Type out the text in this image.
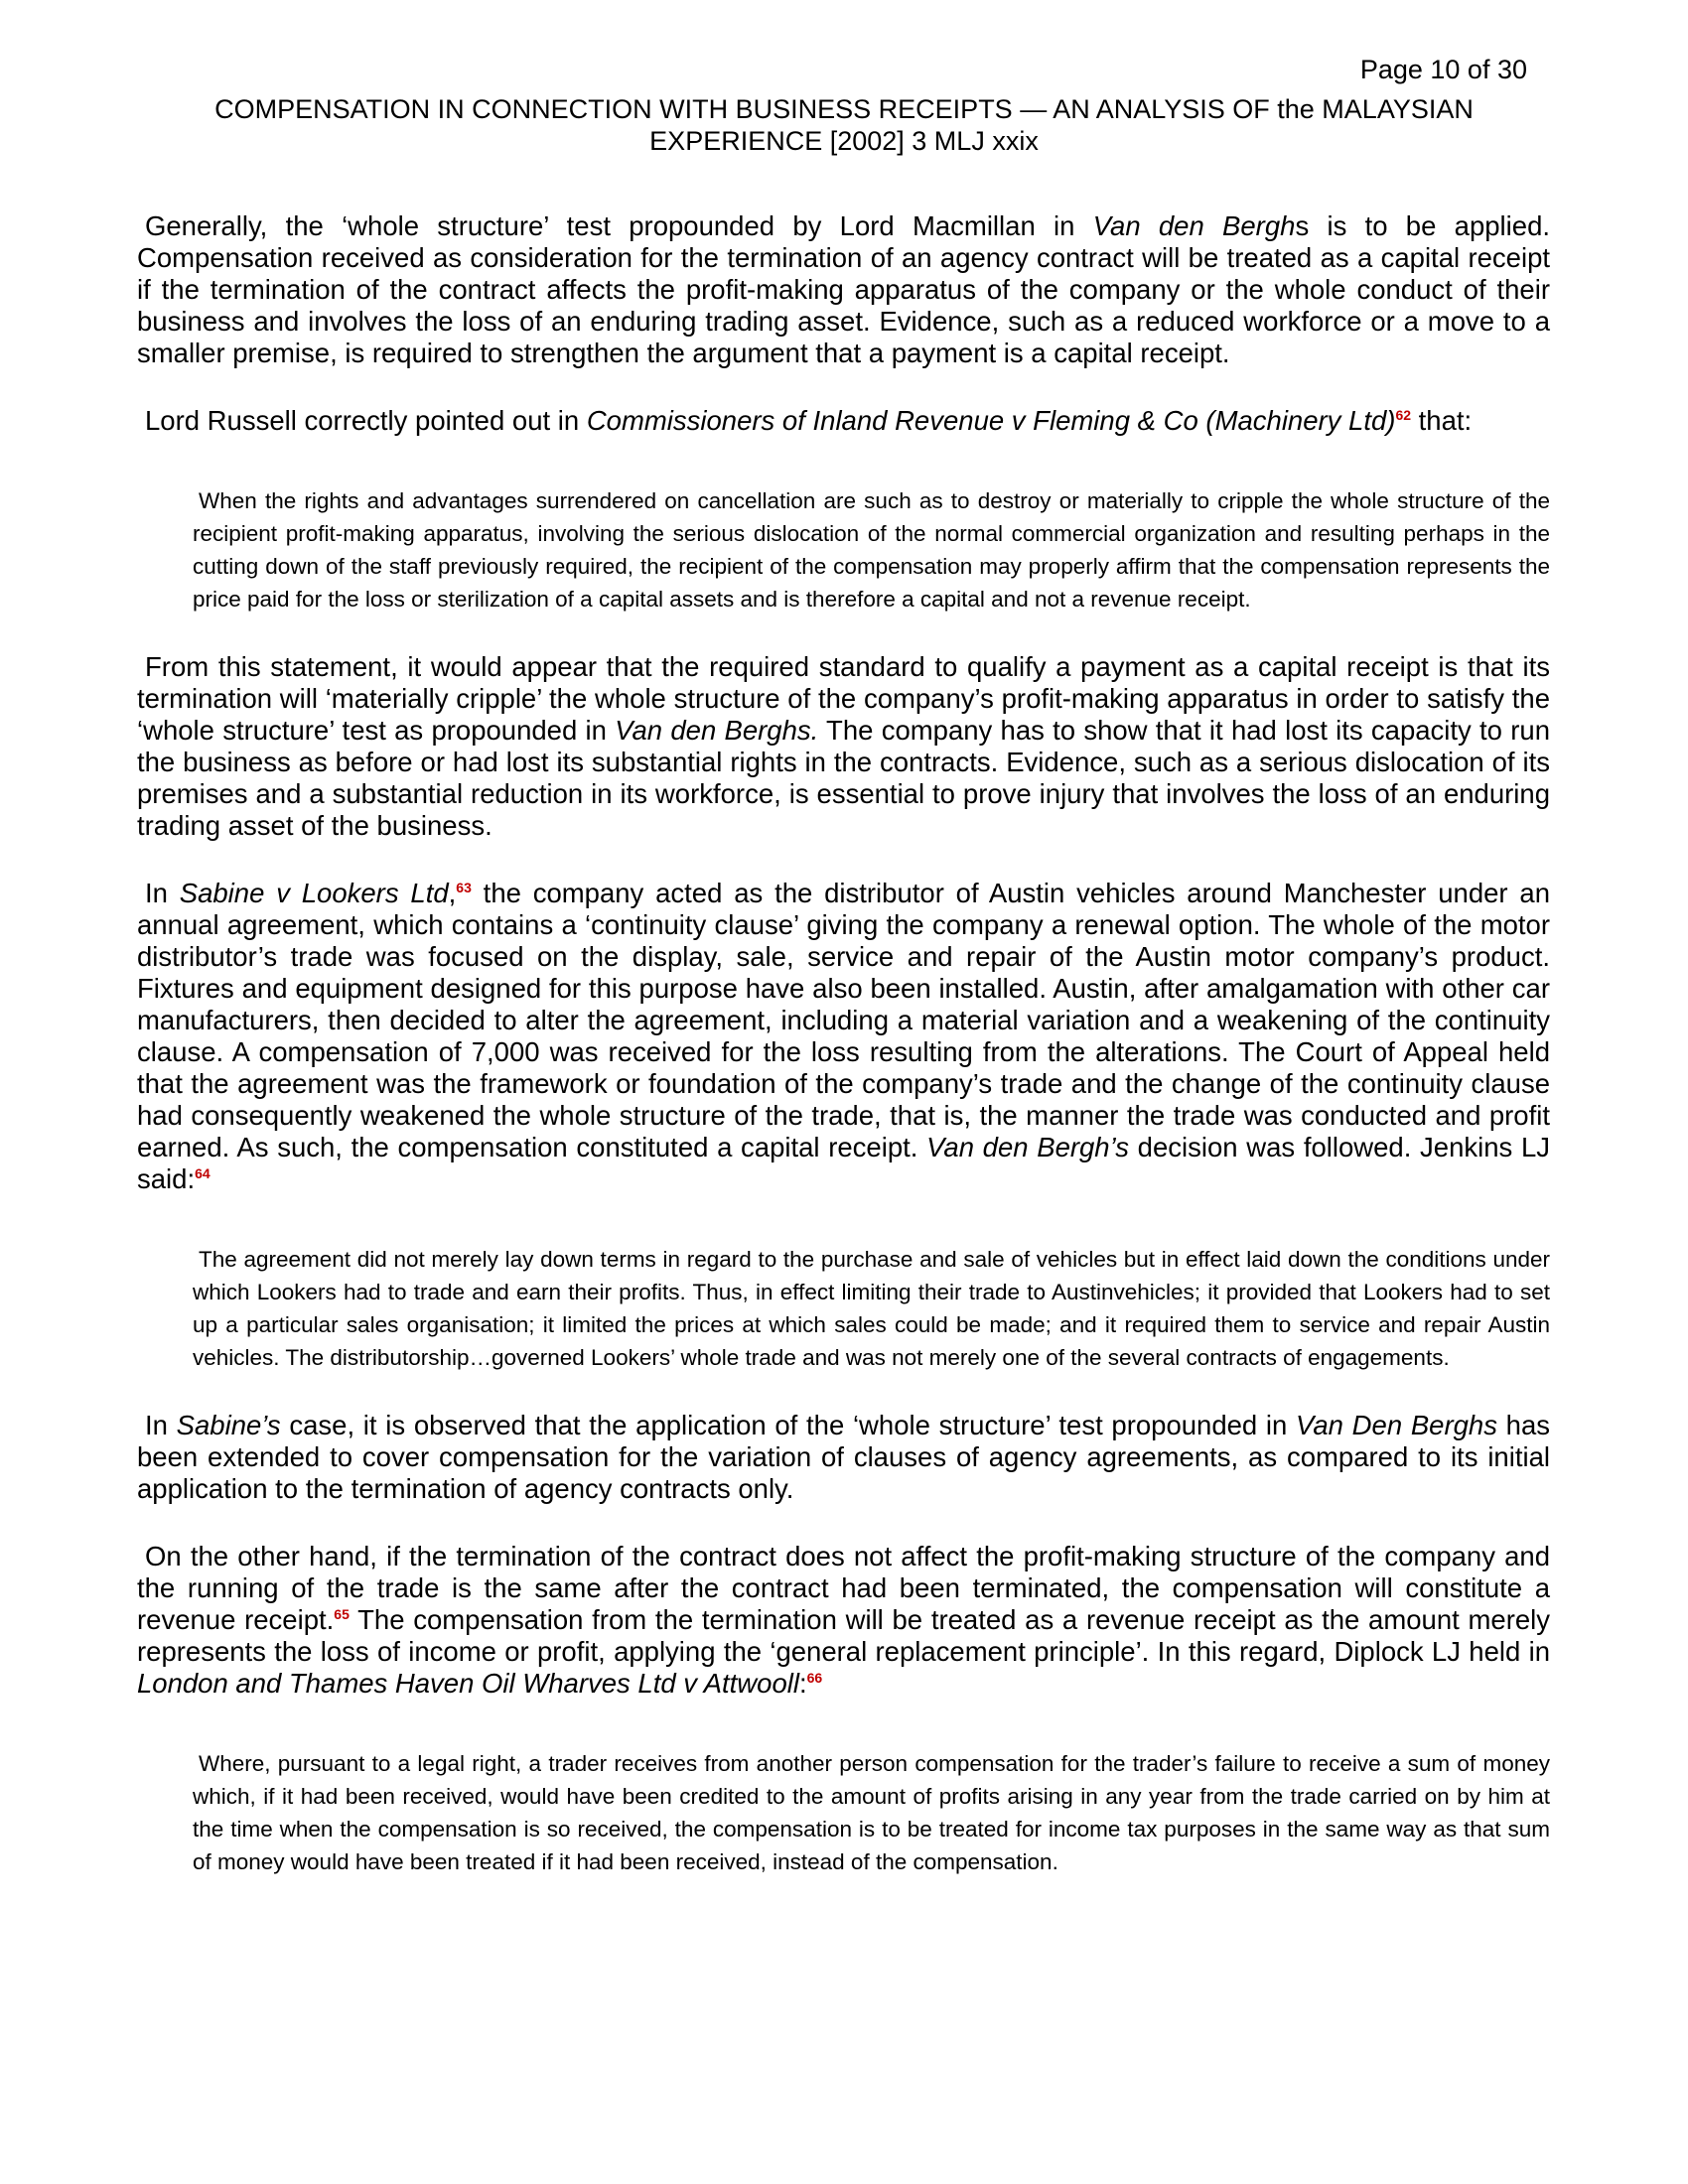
Page 10 of 30
COMPENSATION IN CONNECTION WITH BUSINESS RECEIPTS — AN ANALYSIS OF the MALAYSIAN
EXPERIENCE [2002] 3 MLJ xxix

Generally, the ‘whole structure’ test propounded by Lord Macmillan in Van den Berghs is to be applied. Compensation received as consideration for the termination of an agency contract will be treated as a capital receipt if the termination of the contract affects the profit-making apparatus of the company or the whole conduct of their business and involves the loss of an enduring trading asset. Evidence, such as a reduced workforce or a move to a smaller premise, is required to strengthen the argument that a payment is a capital receipt.

Lord Russell correctly pointed out in Commissioners of Inland Revenue v Fleming & Co (Machinery Ltd)$^{62}$ that:

When the rights and advantages surrendered on cancellation are such as to destroy or materially to cripple the whole structure of the recipient profit-making apparatus, involving the serious dislocation of the normal commercial organization and resulting perhaps in the cutting down of the staff previously required, the recipient of the compensation may properly affirm that the compensation represents the price paid for the loss or sterilization of a capital assets and is therefore a capital and not a revenue receipt.

From this statement, it would appear that the required standard to qualify a payment as a capital receipt is that its termination will ‘materially cripple’ the whole structure of the company’s profit-making apparatus in order to satisfy the ‘whole structure’ test as propounded in Van den Berghs. The company has to show that it had lost its capacity to run the business as before or had lost its substantial rights in the contracts. Evidence, such as a serious dislocation of its premises and a substantial reduction in its workforce, is essential to prove injury that involves the loss of an enduring trading asset of the business.

In Sabine v Lookers Ltd,$^{63}$ the company acted as the distributor of Austin vehicles around Manchester under an annual agreement, which contains a ‘continuity clause’ giving the company a renewal option. The whole of the motor distributor’s trade was focused on the display, sale, service and repair of the Austin motor company’s product. Fixtures and equipment designed for this purpose have also been installed. Austin, after amalgamation with other car manufacturers, then decided to alter the agreement, including a material variation and a weakening of the continuity clause. A compensation of 7,000 was received for the loss resulting from the alterations. The Court of Appeal held that the agreement was the framework or foundation of the company’s trade and the change of the continuity clause had consequently weakened the whole structure of the trade, that is, the manner the trade was conducted and profit earned. As such, the compensation constituted a capital receipt. Van den Bergh’s decision was followed. Jenkins LJ said:$^{64}$

The agreement did not merely lay down terms in regard to the purchase and sale of vehicles but in effect laid down the conditions under which Lookers had to trade and earn their profits. Thus, in effect limiting their trade to Austinvehicles; it provided that Lookers had to set up a particular sales organisation; it limited the prices at which sales could be made; and it required them to service and repair Austin vehicles. The distributorship…governed Lookers’ whole trade and was not merely one of the several contracts of engagements.

In Sabine’s case, it is observed that the application of the ‘whole structure’ test propounded in Van Den Berghs has been extended to cover compensation for the variation of clauses of agency agreements, as compared to its initial application to the termination of agency contracts only.

On the other hand, if the termination of the contract does not affect the profit-making structure of the company and the running of the trade is the same after the contract had been terminated, the compensation will constitute a revenue receipt.$^{65}$ The compensation from the termination will be treated as a revenue receipt as the amount merely represents the loss of income or profit, applying the ‘general replacement principle’. In this regard, Diplock LJ held in London and Thames Haven Oil Wharves Ltd v Attwooll:$^{66}$

Where, pursuant to a legal right, a trader receives from another person compensation for the trader’s failure to receive a sum of money which, if it had been received, would have been credited to the amount of profits arising in any year from the trade carried on by him at the time when the compensation is so received, the compensation is to be treated for income tax purposes in the same way as that sum of money would have been treated if it had been received, instead of the compensation.
